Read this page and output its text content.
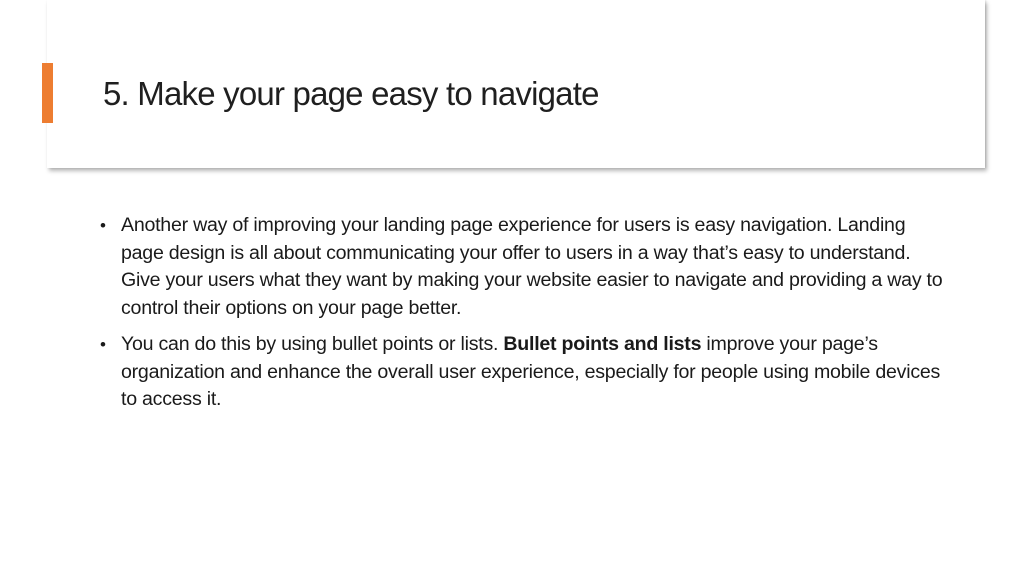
5. Make your page easy to navigate
• Another way of improving your landing page experience for users is easy navigation. Landing page design is all about communicating your offer to users in a way that’s easy to understand. Give your users what they want by making your website easier to navigate and providing a way to control their options on your page better.
• You can do this by using bullet points or lists. Bullet points and lists improve your page’s organization and enhance the overall user experience, especially for people using mobile devices to access it.
